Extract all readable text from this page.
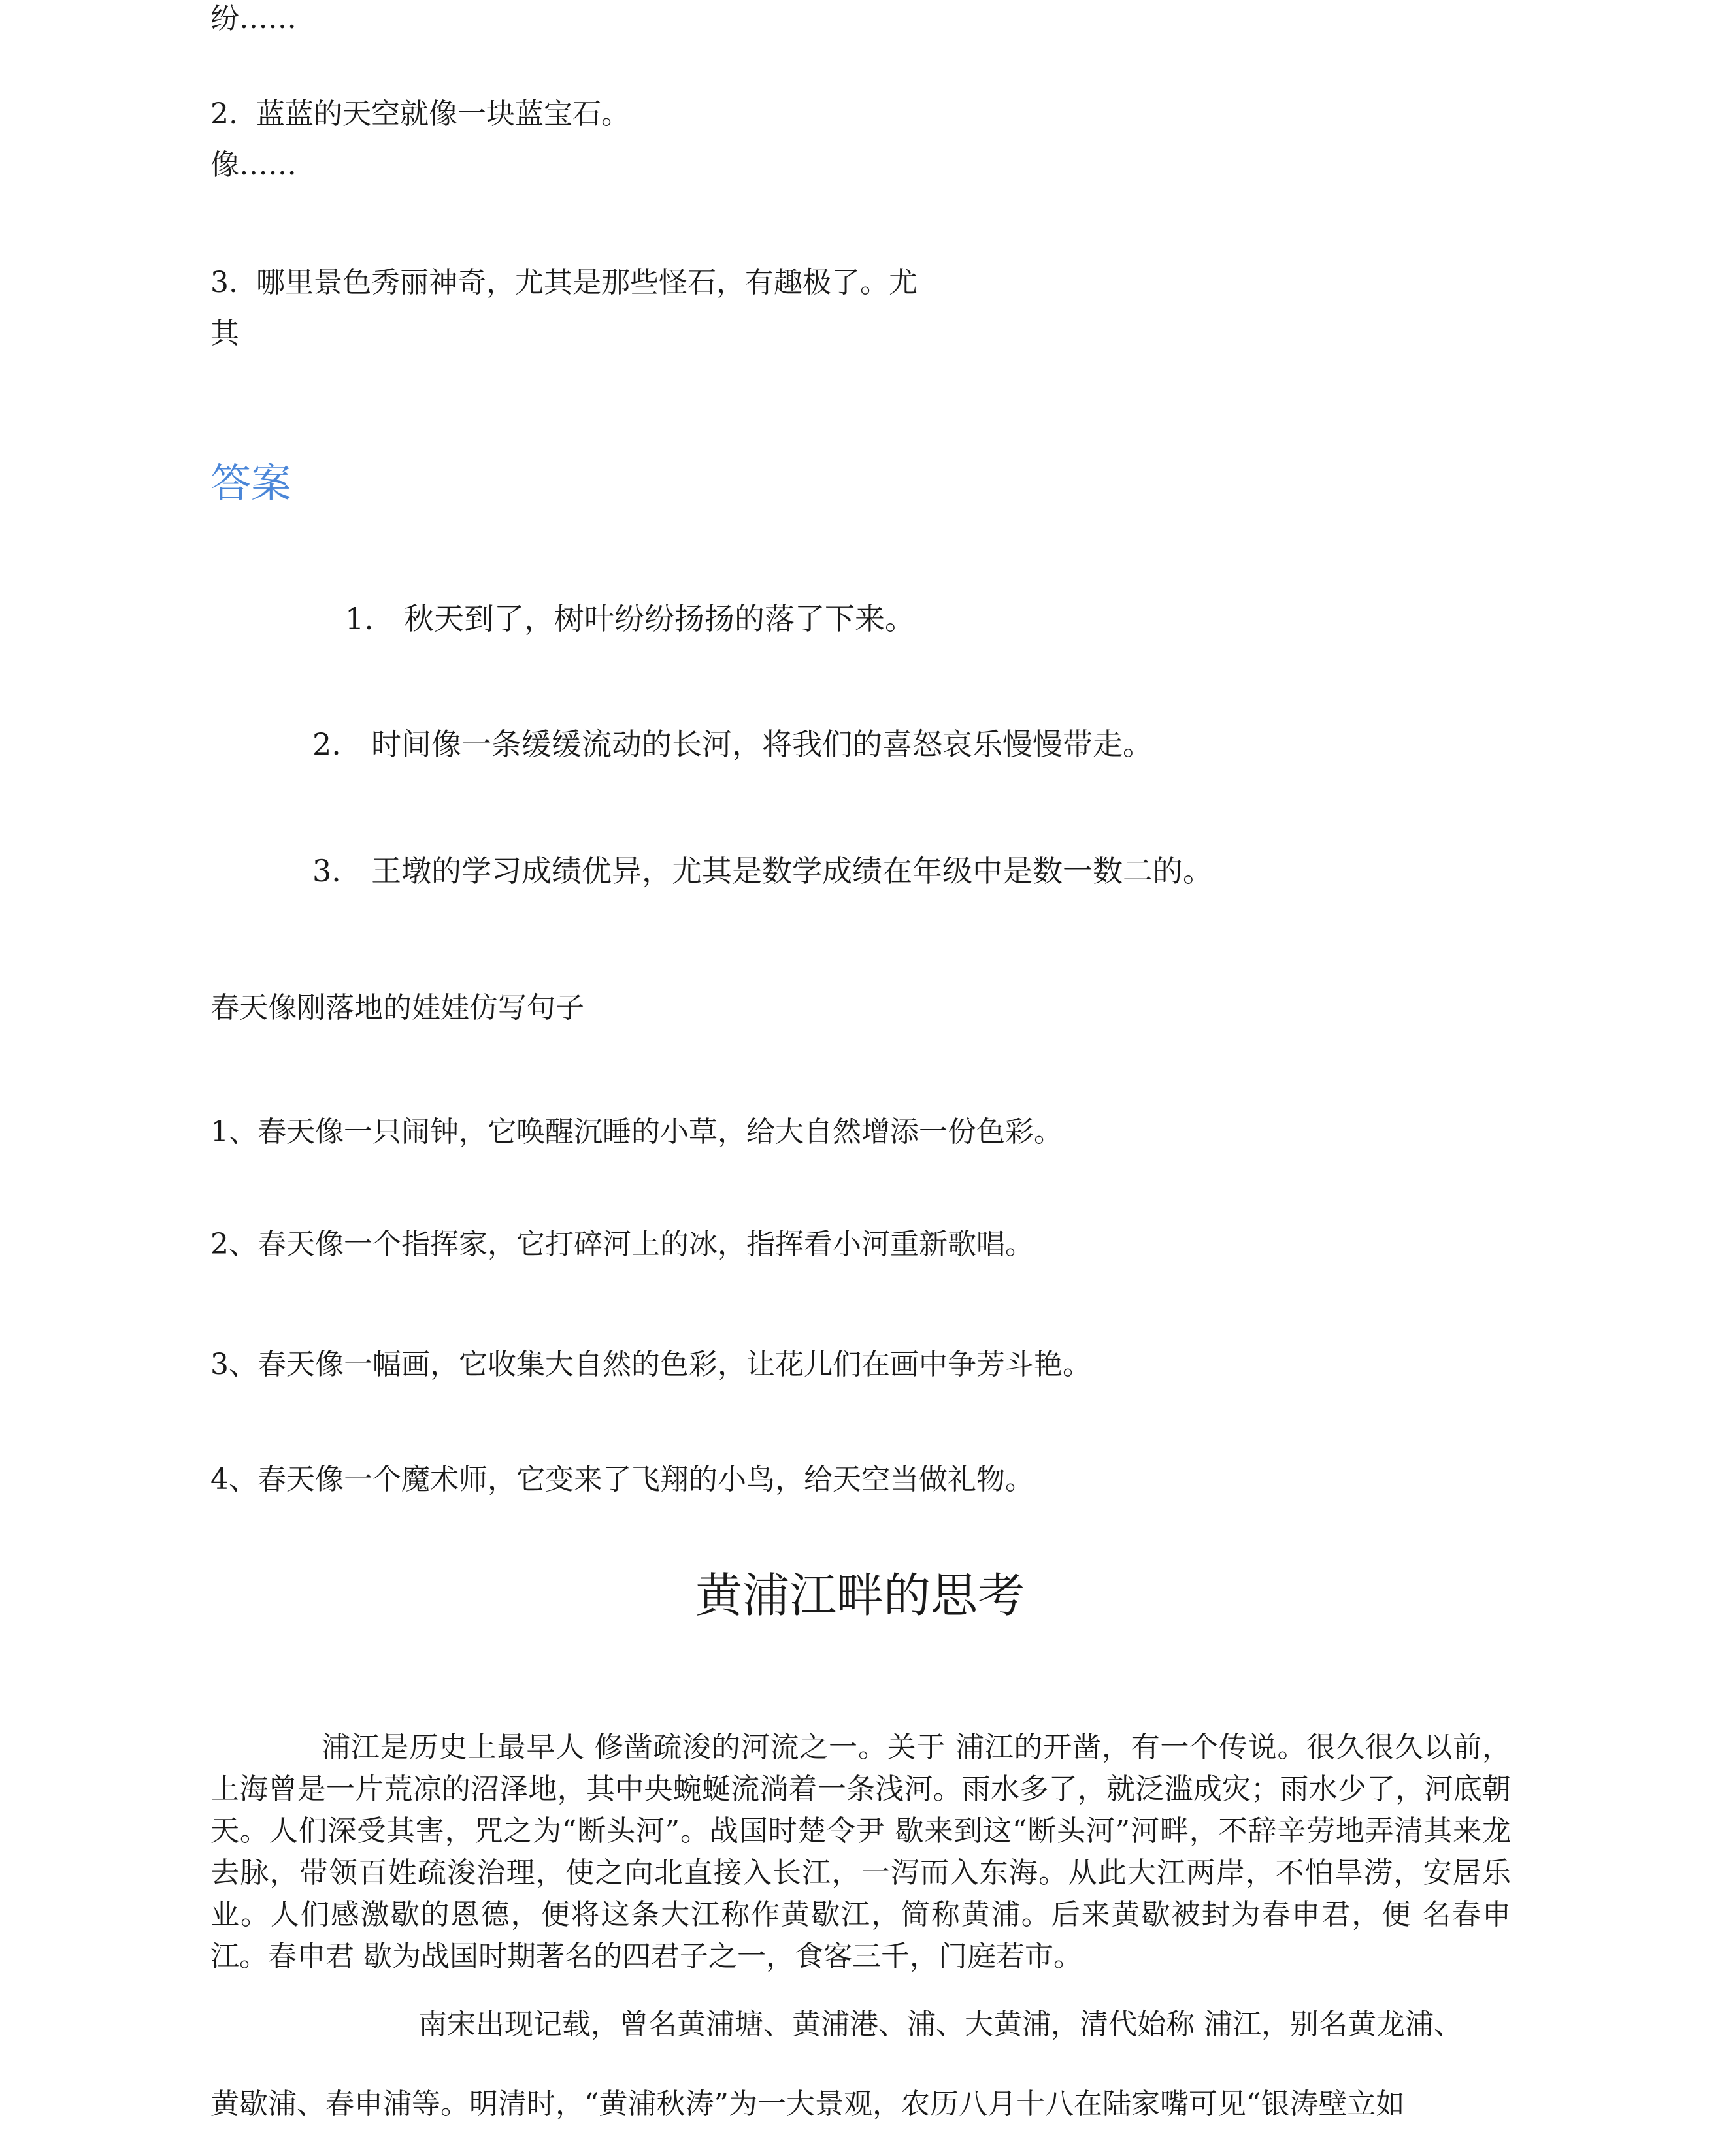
纷……
2. 蓝蓝的天空就像一块蓝宝石。
像……
3. 哪里景色秀丽神奇，尤其是那些怪石，有趣极了。尤
其
答案
1. 秋天到了，树叶纷纷扬扬的落了下来。
2. 时间像一条缓缓流动的长河，将我们的喜怒哀乐慢慢带走。
3. 王墩的学习成绩优异，尤其是数学成绩在年级中是数一数二的。
春天像刚落地的娃娃仿写句子
1、春天像一只闹钟，它唤醒沉睡的小草，给大自然增添一份色彩。
2、春天像一个指挥家，它打碎河上的冰，指挥看小河重新歌唱。
3、春天像一幅画，它收集大自然的色彩，让花儿们在画中争芳斗艳。
4、春天像一个魔术师，它变来了飞翔的小鸟，给天空当做礼物。
黄浦江畔的思考
浦江是历史上最早人 修凿疏浚的河流之一。关于 浦江的开凿，有一个传说。很久很久以前，上海曾是一片荒凉的沼泽地，其中央蜿蜒流淌着一条浅河。雨水多了，就泛滥成灾；雨水少了，河底朝天。人们深受其害，咒之为“断头河”。战国时楚令尹 歇来到这“断头河”河畔，不辞辛劳地弄清其来龙去脉，带领百姓疏浚治理，使之向北直接入长江，一泻而入东海。从此大江两岸，不怕旱涝，安居乐业。人们感激歇的恩德，便将这条大江称作黄歇江，简称黄浦。后来黄歇被封为春申君，便 名春申江。春申君 歇为战国时期著名的四君子之一，食客三千，门庭若市。
南宋出现记载，曾名黄浦塘、黄浦港、浦、大黄浦，清代始称 浦江，别名黄龙浦、
黄歇浦、春申浦等。明清时，“黄浦秋涛”为一大景观，农历八月十八在陆家嘴可见“银涛壁立如
